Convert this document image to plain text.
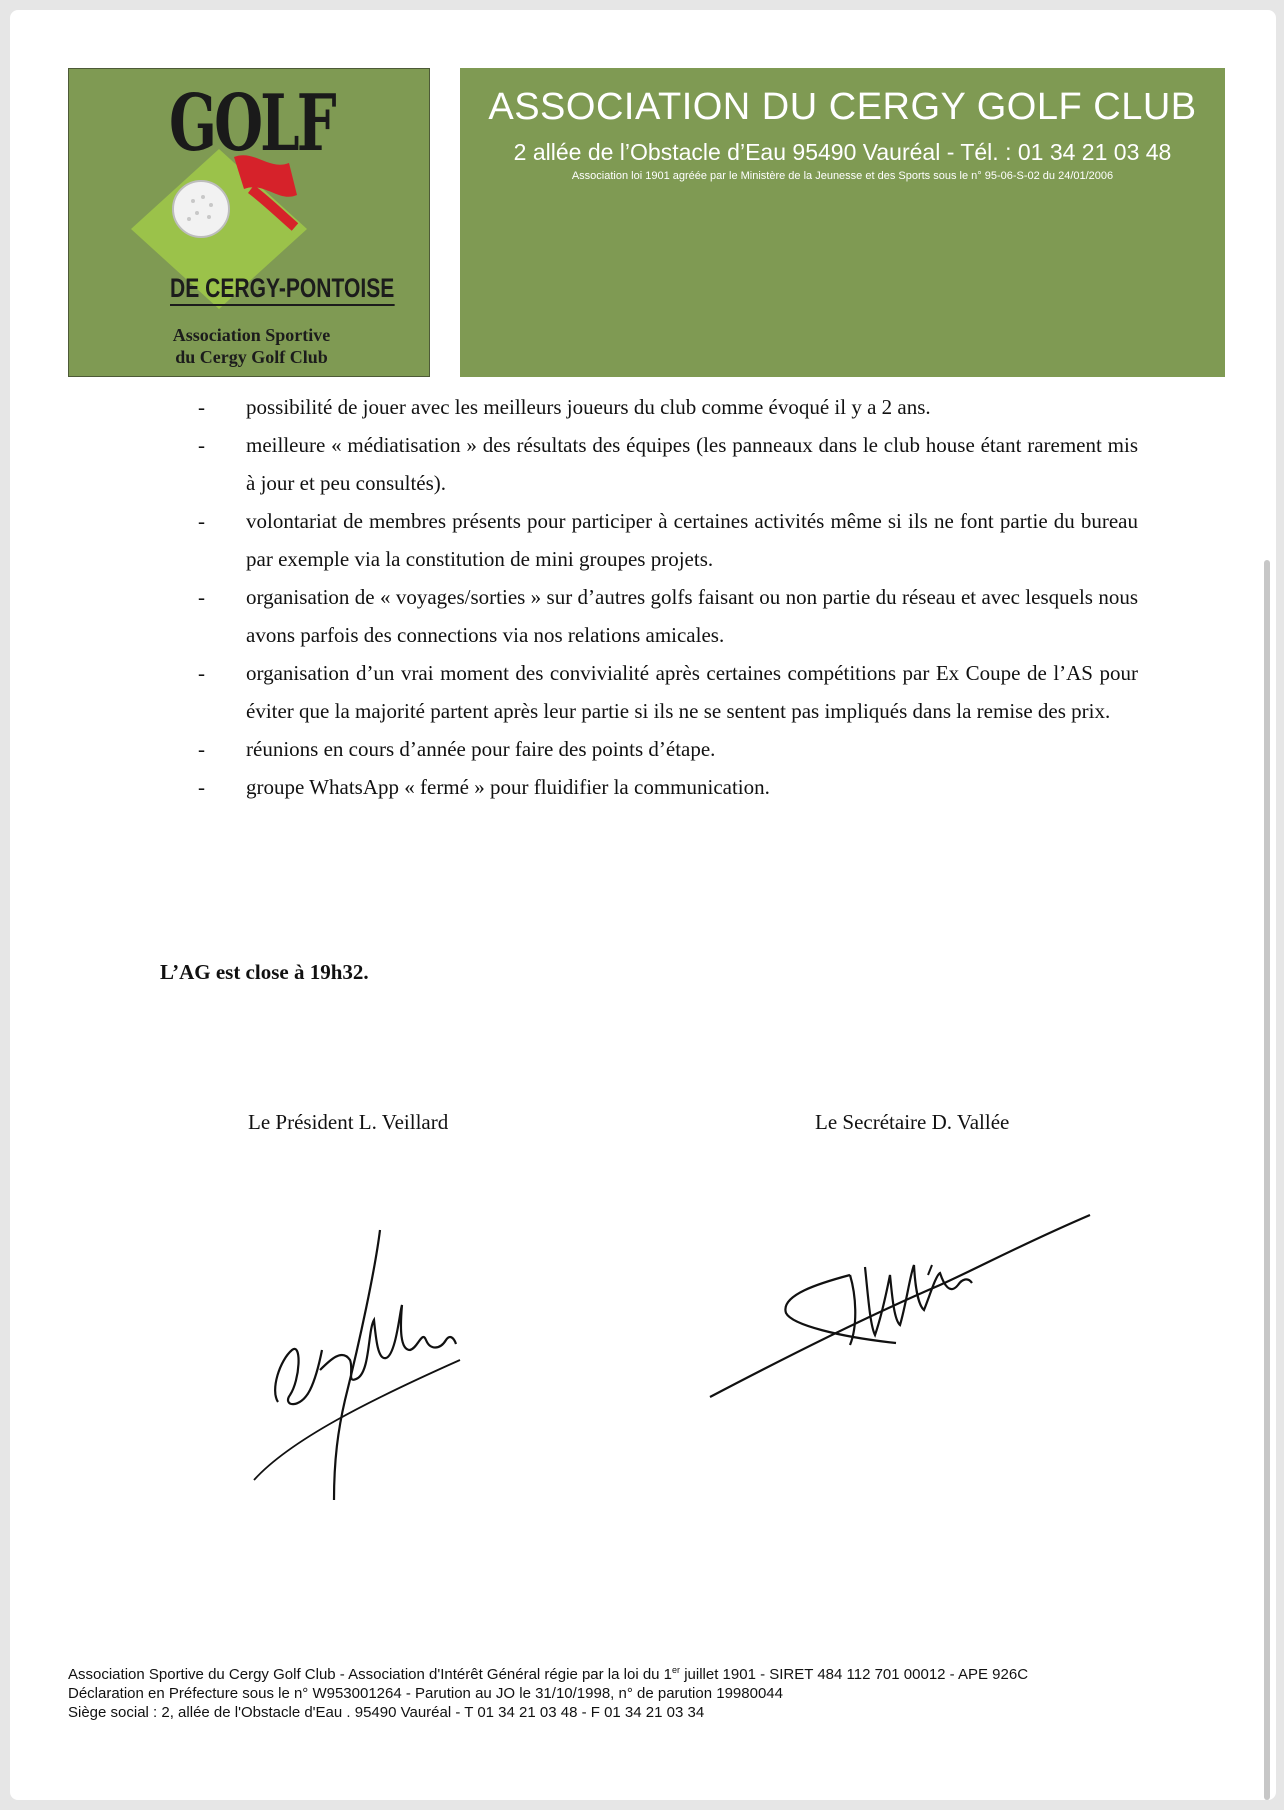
GOLF
DE CERGY-PONTOISE
Association Sportive
du Cergy Golf Club
ASSOCIATION DU CERGY GOLF CLUB
2 allée de l’Obstacle d’Eau 95490 Vauréal - Tél. : 01 34 21 03 48
Association loi 1901 agréée par le Ministère de la Jeunesse et des Sports sous le n° 95-06-S-02 du 24/01/2006
- possibilité de jouer avec les meilleurs joueurs du club comme évoqué il y a 2 ans.
- meilleure « médiatisation » des résultats des équipes (les panneaux dans le club house étant rarement mis à jour et peu consultés).
- volontariat de membres présents pour participer à certaines activités même si ils ne font partie du bureau par exemple via la constitution de mini groupes projets.
- organisation de « voyages/sorties » sur d’autres golfs faisant ou non partie du réseau et avec lesquels nous avons parfois des connections via nos relations amicales.
- organisation d’un vrai moment des convivialité après certaines compétitions par Ex Coupe de l’AS pour éviter que la majorité partent après leur partie si ils ne se sentent pas impliqués dans la remise des prix.
- réunions en cours d’année pour faire des points d’étape.
- groupe WhatsApp « fermé » pour fluidifier la communication.
L’AG est close à 19h32.
Le Président L. Veillard	Le Secrétaire D. Vallée
Association Sportive du Cergy Golf Club - Association d'Intérêt Général régie par la loi du 1er juillet 1901 - SIRET 484 112 701 00012 - APE 926C
Déclaration en Préfecture sous le n° W953001264 - Parution au JO le 31/10/1998, n° de parution 19980044
Siège social : 2, allée de l'Obstacle d'Eau . 95490 Vauréal - T 01 34 21 03 48 - F 01 34 21 03 34
